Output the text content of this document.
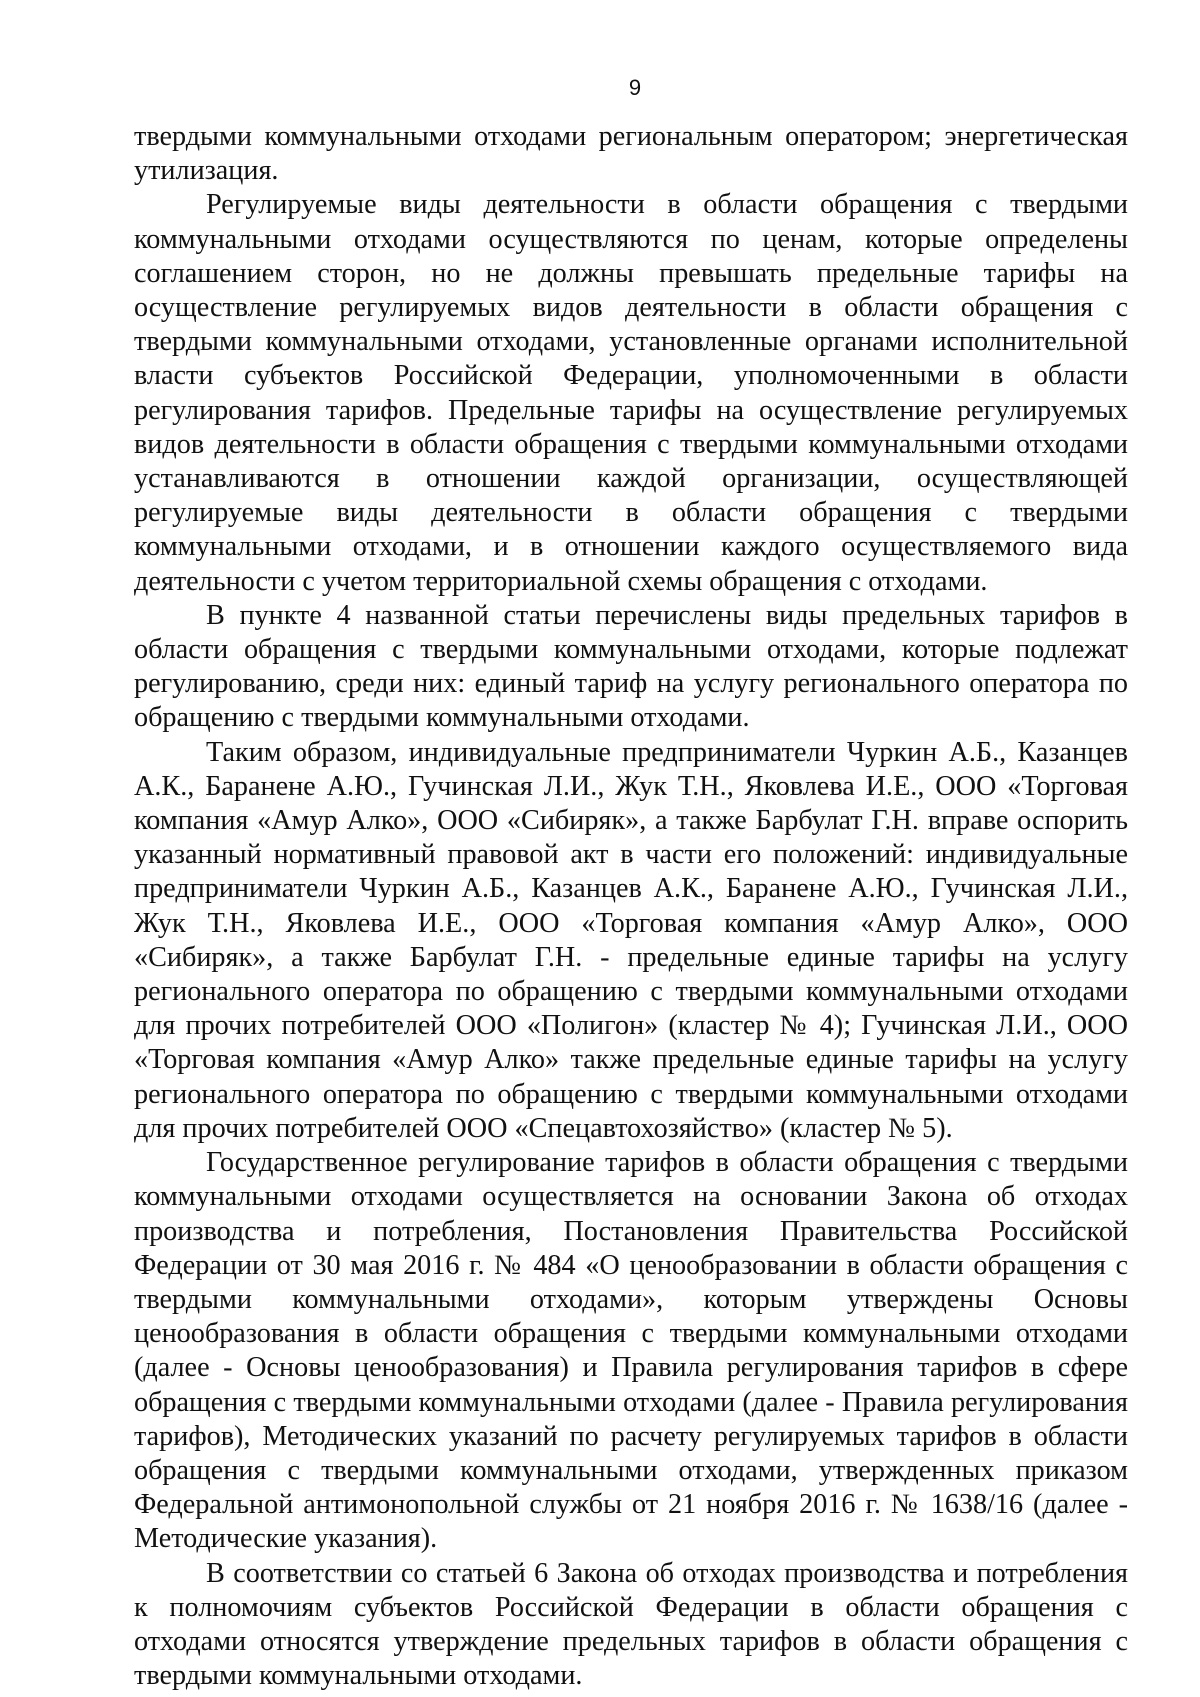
9

твердыми коммунальными отходами региональным оператором; энергетическая утилизация.

Регулируемые виды деятельности в области обращения с твердыми коммунальными отходами осуществляются по ценам, которые определены соглашением сторон, но не должны превышать предельные тарифы на осуществление регулируемых видов деятельности в области обращения с твердыми коммунальными отходами, установленные органами исполнительной власти субъектов Российской Федерации, уполномоченными в области регулирования тарифов. Предельные тарифы на осуществление регулируемых видов деятельности в области обращения с твердыми коммунальными отходами устанавливаются в отношении каждой организации, осуществляющей регулируемые виды деятельности в области обращения с твердыми коммунальными отходами, и в отношении каждого осуществляемого вида деятельности с учетом территориальной схемы обращения с отходами.

В пункте 4 названной статьи перечислены виды предельных тарифов в области обращения с твердыми коммунальными отходами, которые подлежат регулированию, среди них: единый тариф на услугу регионального оператора по обращению с твердыми коммунальными отходами.

Таким образом, индивидуальные предприниматели Чуркин А.Б., Казанцев А.К., Баранене А.Ю., Гучинская Л.И., Жук Т.Н., Яковлева И.Е., ООО «Торговая компания «Амур Алко», ООО «Сибиряк», а также Барбулат Г.Н. вправе оспорить указанный нормативный правовой акт в части его положений: индивидуальные предприниматели Чуркин А.Б., Казанцев А.К., Баранене А.Ю., Гучинская Л.И., Жук Т.Н., Яковлева И.Е., ООО «Торговая компания «Амур Алко», ООО «Сибиряк», а также Барбулат Г.Н. - предельные единые тарифы на услугу регионального оператора по обращению с твердыми коммунальными отходами для прочих потребителей ООО «Полигон» (кластер № 4); Гучинская Л.И., ООО «Торговая компания «Амур Алко» также предельные единые тарифы на услугу регионального оператора по обращению с твердыми коммунальными отходами для прочих потребителей ООО «Спецавтохозяйство» (кластер № 5).

Государственное регулирование тарифов в области обращения с твердыми коммунальными отходами осуществляется на основании Закона об отходах производства и потребления, Постановления Правительства Российской Федерации от 30 мая 2016 г. № 484 «О ценообразовании в области обращения с твердыми коммунальными отходами», которым утверждены Основы ценообразования в области обращения с твердыми коммунальными отходами (далее - Основы ценообразования) и Правила регулирования тарифов в сфере обращения с твердыми коммунальными отходами (далее - Правила регулирования тарифов), Методических указаний по расчету регулируемых тарифов в области обращения с твердыми коммунальными отходами, утвержденных приказом Федеральной антимонопольной службы от 21 ноября 2016 г. № 1638/16 (далее - Методические указания).

В соответствии со статьей 6 Закона об отходах производства и потребления к полномочиям субъектов Российской Федерации в области обращения с отходами относятся утверждение предельных тарифов в области обращения с твердыми коммунальными отходами.
